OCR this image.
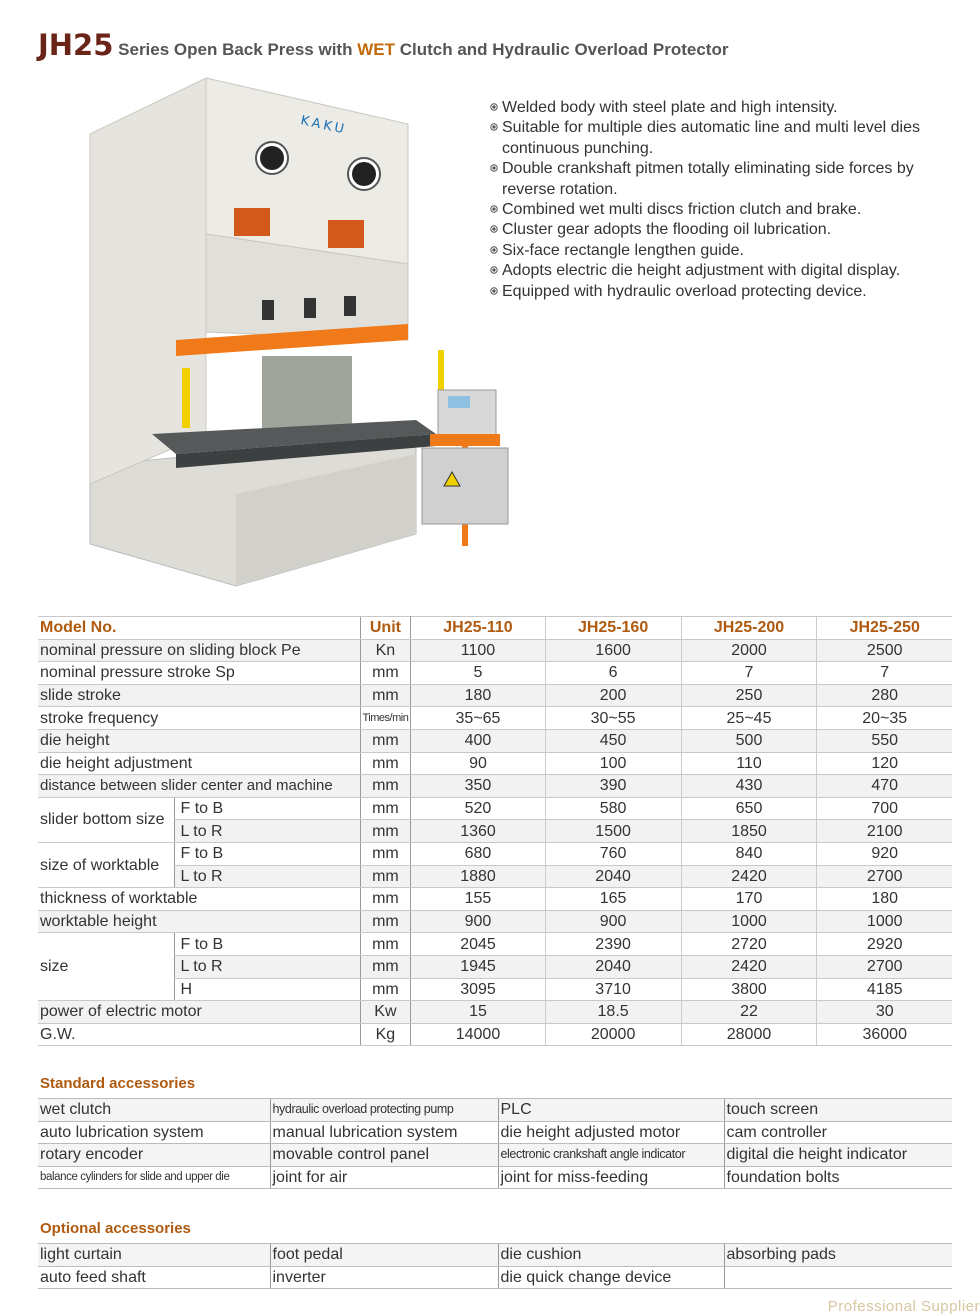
JH25 Series Open Back Press with WET Clutch and Hydraulic Overload Protector
KAKU
Welded body with steel plate and high intensity.
Suitable for multiple dies automatic line and multi level dies continuous punching.
Double crankshaft pitmen totally eliminating side forces by reverse rotation.
Combined wet multi discs friction clutch and brake.
Cluster gear adopts the flooding oil lubrication.
Six-face rectangle lengthen guide.
Adopts electric die height adjustment with digital display.
Equipped with hydraulic overload protecting device.
Model No.		Unit	JH25-110	JH25-160	JH25-200	JH25-250
nominal pressure on sliding block Pe		Kn	1100	1600	2000	2500
nominal pressure stroke Sp		mm	5	6	7	7
slide stroke		mm	180	200	250	280
stroke frequency		Times/min	35~65	30~55	25~45	20~35
die height		mm	400	450	500	550
die height adjustment		mm	90	100	110	120
distance between slider center and machine		mm	350	390	430	470
slider bottom size	F to B	mm	520	580	650	700
	L to R	mm	1360	1500	1850	2100
size of worktable	F to B	mm	680	760	840	920
	L to R	mm	1880	2040	2420	2700
thickness of worktable		mm	155	165	170	180
worktable height		mm	900	900	1000	1000
size	F to B	mm	2045	2390	2720	2920
	L to R	mm	1945	2040	2420	2700
	H	mm	3095	3710	3800	4185
power of electric motor		Kw	15	18.5	22	30
G.W.		Kg	14000	20000	28000	36000
Standard accessories
wet clutch	hydraulic overload protecting pump	PLC	touch screen
auto lubrication system	manual lubrication system	die height adjusted motor	cam controller
rotary encoder	movable control panel	electronic crankshaft angle indicator	digital die height indicator
balance cylinders for slide and upper die	joint for air	joint for miss-feeding	foundation bolts
Optional accessories
light curtain	foot pedal	die cushion	absorbing pads
auto feed shaft	inverter	die quick change device	
Professional Supplier
